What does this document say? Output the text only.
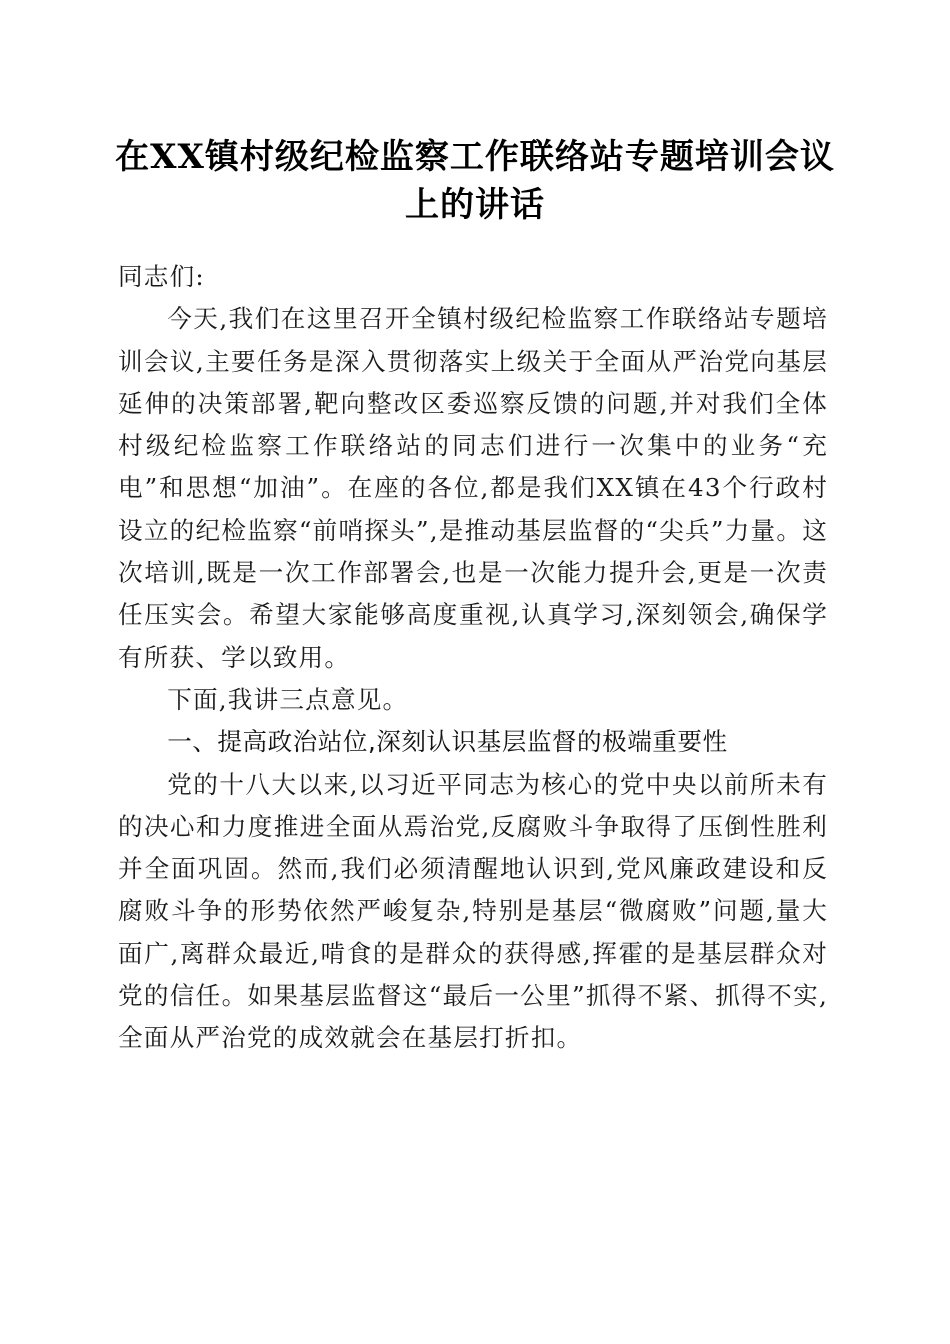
在XX镇村级纪检监察工作联络站专题培训会议上的讲话

同志们:

今天,我们在这里召开全镇村级纪检监察工作联络站专题培训会议,主要任务是深入贯彻落实上级关于全面从严治党向基层延伸的决策部署,靶向整改区委巡察反馈的问题,并对我们全体村级纪检监察工作联络站的同志们进行一次集中的业务“充电”和思想“加油”。在座的各位,都是我们XX镇在43个行政村设立的纪检监察“前哨探头”,是推动基层监督的“尖兵”力量。这次培训,既是一次工作部署会,也是一次能力提升会,更是一次责任压实会。希望大家能够高度重视,认真学习,深刻领会,确保学有所获、学以致用。

下面,我讲三点意见。

一、提高政治站位,深刻认识基层监督的极端重要性

党的十八大以来,以习近平同志为核心的党中央以前所未有的决心和力度推进全面从焉治党,反腐败斗争取得了压倒性胜利并全面巩固。然而,我们必须清醒地认识到,党风廉政建设和反腐败斗争的形势依然严峻复杂,特别是基层“微腐败”问题,量大面广,离群众最近,啃食的是群众的获得感,挥霍的是基层群众对党的信任。如果基层监督这“最后一公里”抓得不紧、抓得不实,全面从严治党的成效就会在基层打折扣。
